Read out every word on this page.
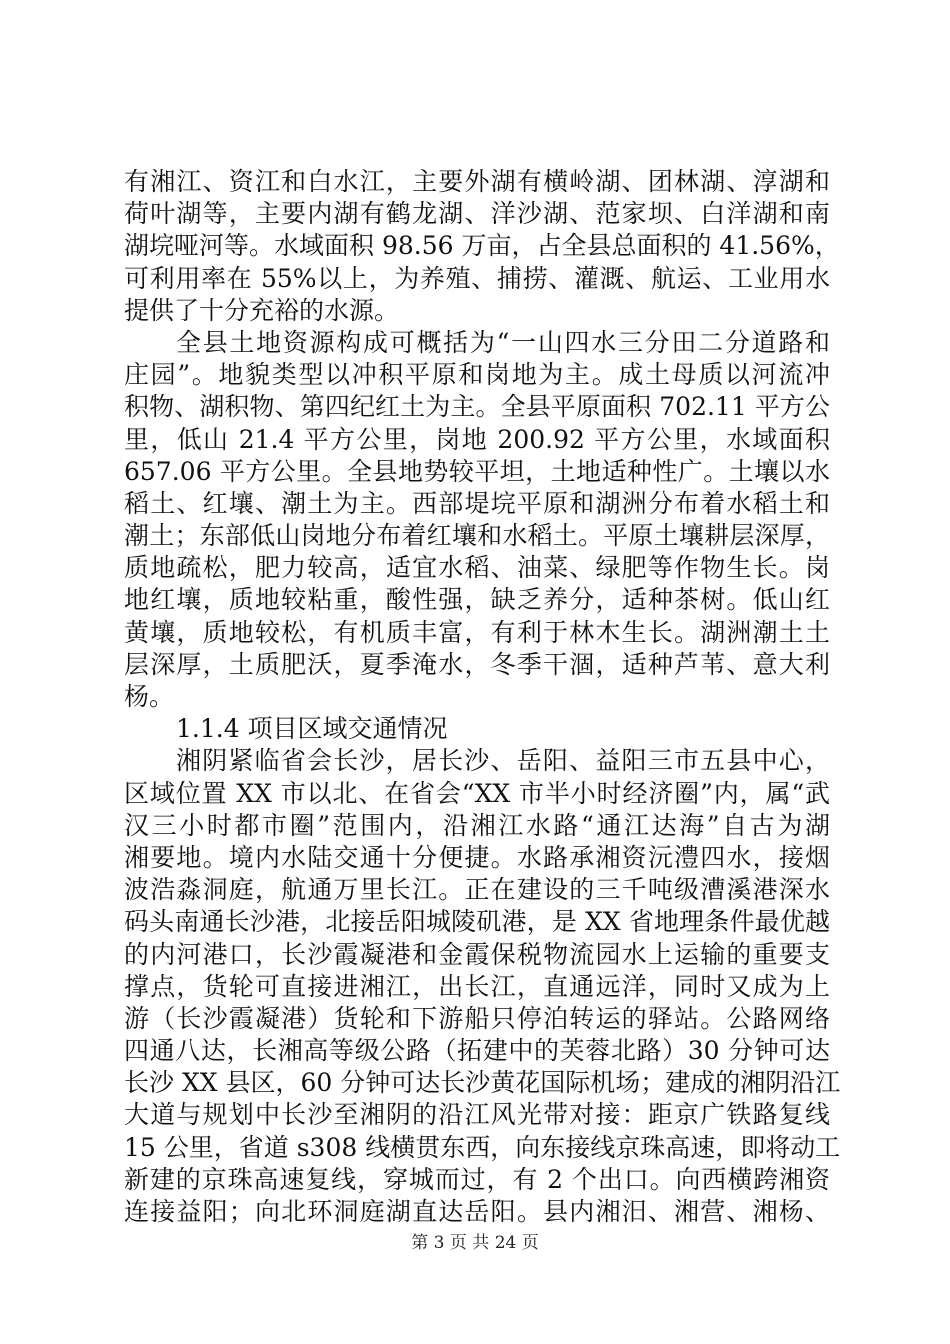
有湘江、资江和白水江，主要外湖有横岭湖、团林湖、淳湖和
荷叶湖等，主要内湖有鹤龙湖、洋沙湖、范家坝、白洋湖和南
湖垸哑河等。水域面积 98.56 万亩，占全县总面积的 41.56%，
可利用率在 55%以上，为养殖、捕捞、灌溉、航运、工业用水
提供了十分充裕的水源。
全县土地资源构成可概括为“一山四水三分田二分道路和
庄园”。地貌类型以冲积平原和岗地为主。成土母质以河流冲
积物、湖积物、第四纪红土为主。全县平原面积 702.11 平方公
里，低山 21.4 平方公里，岗地 200.92 平方公里，水域面积
657.06 平方公里。全县地势较平坦，土地适种性广。土壤以水
稻土、红壤、潮土为主。西部堤垸平原和湖洲分布着水稻土和
潮土；东部低山岗地分布着红壤和水稻土。平原土壤耕层深厚，
质地疏松，肥力较高，适宜水稻、油菜、绿肥等作物生长。岗
地红壤，质地较粘重，酸性强，缺乏养分，适种茶树。低山红
黄壤，质地较松，有机质丰富，有利于林木生长。湖洲潮土土
层深厚，土质肥沃，夏季淹水，冬季干涸，适种芦苇、意大利
杨。
1.1.4 项目区域交通情况
湘阴紧临省会长沙，居长沙、岳阳、益阳三市五县中心，
区域位置 XX 市以北、在省会“XX 市半小时经济圈”内，属“武
汉三小时都市圈”范围内，沿湘江水路“通江达海”自古为湖
湘要地。境内水陆交通十分便捷。水路承湘资沅澧四水，接烟
波浩淼洞庭，航通万里长江。正在建设的三千吨级漕溪港深水
码头南通长沙港，北接岳阳城陵矶港，是 XX 省地理条件最优越
的内河港口，长沙霞凝港和金霞保税物流园水上运输的重要支
撑点，货轮可直接进湘江，出长江，直通远洋，同时又成为上
游（长沙霞凝港）货轮和下游船只停泊转运的驿站。公路网络
四通八达，长湘高等级公路（拓建中的芙蓉北路）30 分钟可达
长沙 XX 县区，60 分钟可达长沙黄花国际机场；建成的湘阴沿江
大道与规划中长沙至湘阴的沿江风光带对接：距京广铁路复线
15 公里，省道 s308 线横贯东西，向东接线京珠高速，即将动工
新建的京珠高速复线，穿城而过，有 2 个出口。向西横跨湘资
连接益阳；向北环洞庭湖直达岳阳。县内湘汨、湘营、湘杨、
第 3 页 共 24 页
